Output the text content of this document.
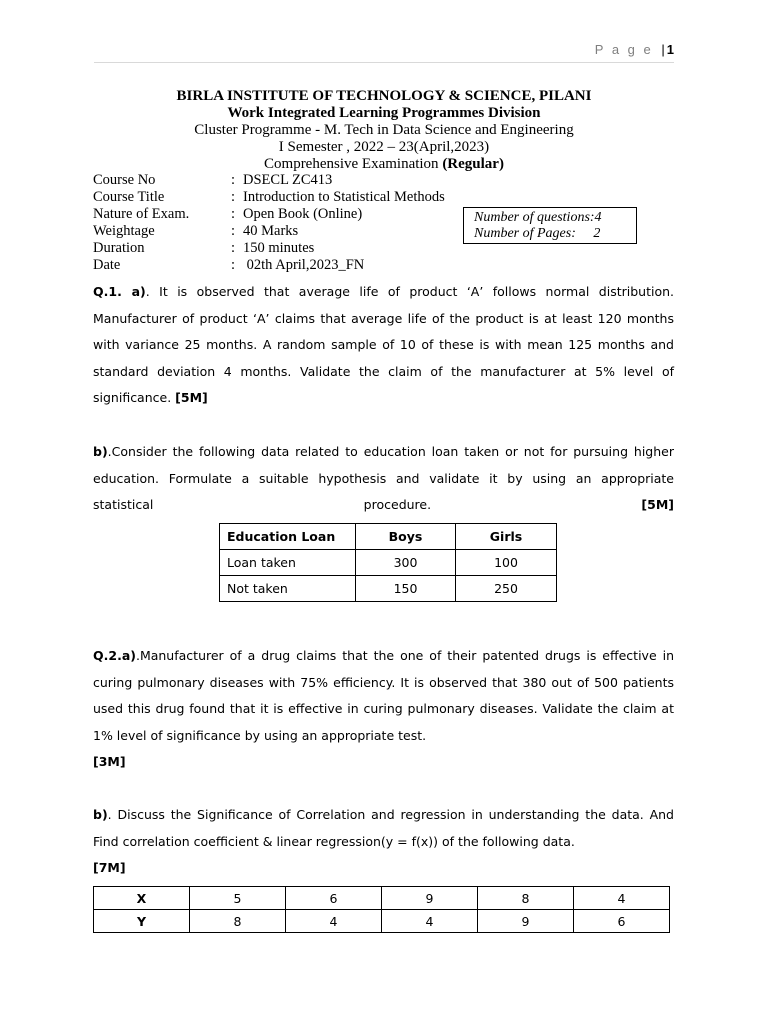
P a g e | 1
BIRLA INSTITUTE OF TECHNOLOGY & SCIENCE, PILANI
Work Integrated Learning Programmes Division
Cluster Programme - M. Tech in Data Science and Engineering
I Semester , 2022 – 23(April,2023)
Comprehensive Examination (Regular)
Course No	: DSECL ZC413
Course Title	: Introduction to Statistical Methods
Nature of Exam.	: Open Book (Online)
Weightage	: 40 Marks
Duration	: 150 minutes
Date	: 02th April,2023_FN
Number of questions:4
Number of Pages:     2
Q.1. a). It is observed that average life of product ‘A’ follows normal distribution. Manufacturer of product ‘A’ claims that average life of the product is at least 120 months with variance 25 months. A random sample of 10 of these is with mean 125 months and standard deviation 4 months. Validate the claim of the manufacturer at 5% level of significance. [5M]
b).Consider the following data related to education loan taken or not for pursuing higher education. Formulate a suitable hypothesis and validate it by using an appropriate statistical procedure.	[5M]
Education Loan	Boys	Girls
Loan taken	300	100
Not taken	150	250
Q.2.a).Manufacturer of a drug claims that the one of their patented drugs is effective in curing pulmonary diseases with 75% efficiency. It is observed that 380 out of 500 patients used this drug found that it is effective in curing pulmonary diseases. Validate the claim at 1% level of significance by using an appropriate test.
[3M]
b). Discuss the Significance of Correlation and regression in understanding the data. And Find correlation coefficient & linear regression(y = f(x)) of the following data.
[7M]
X	5	6	9	8	4
Y	8	4	4	9	6
